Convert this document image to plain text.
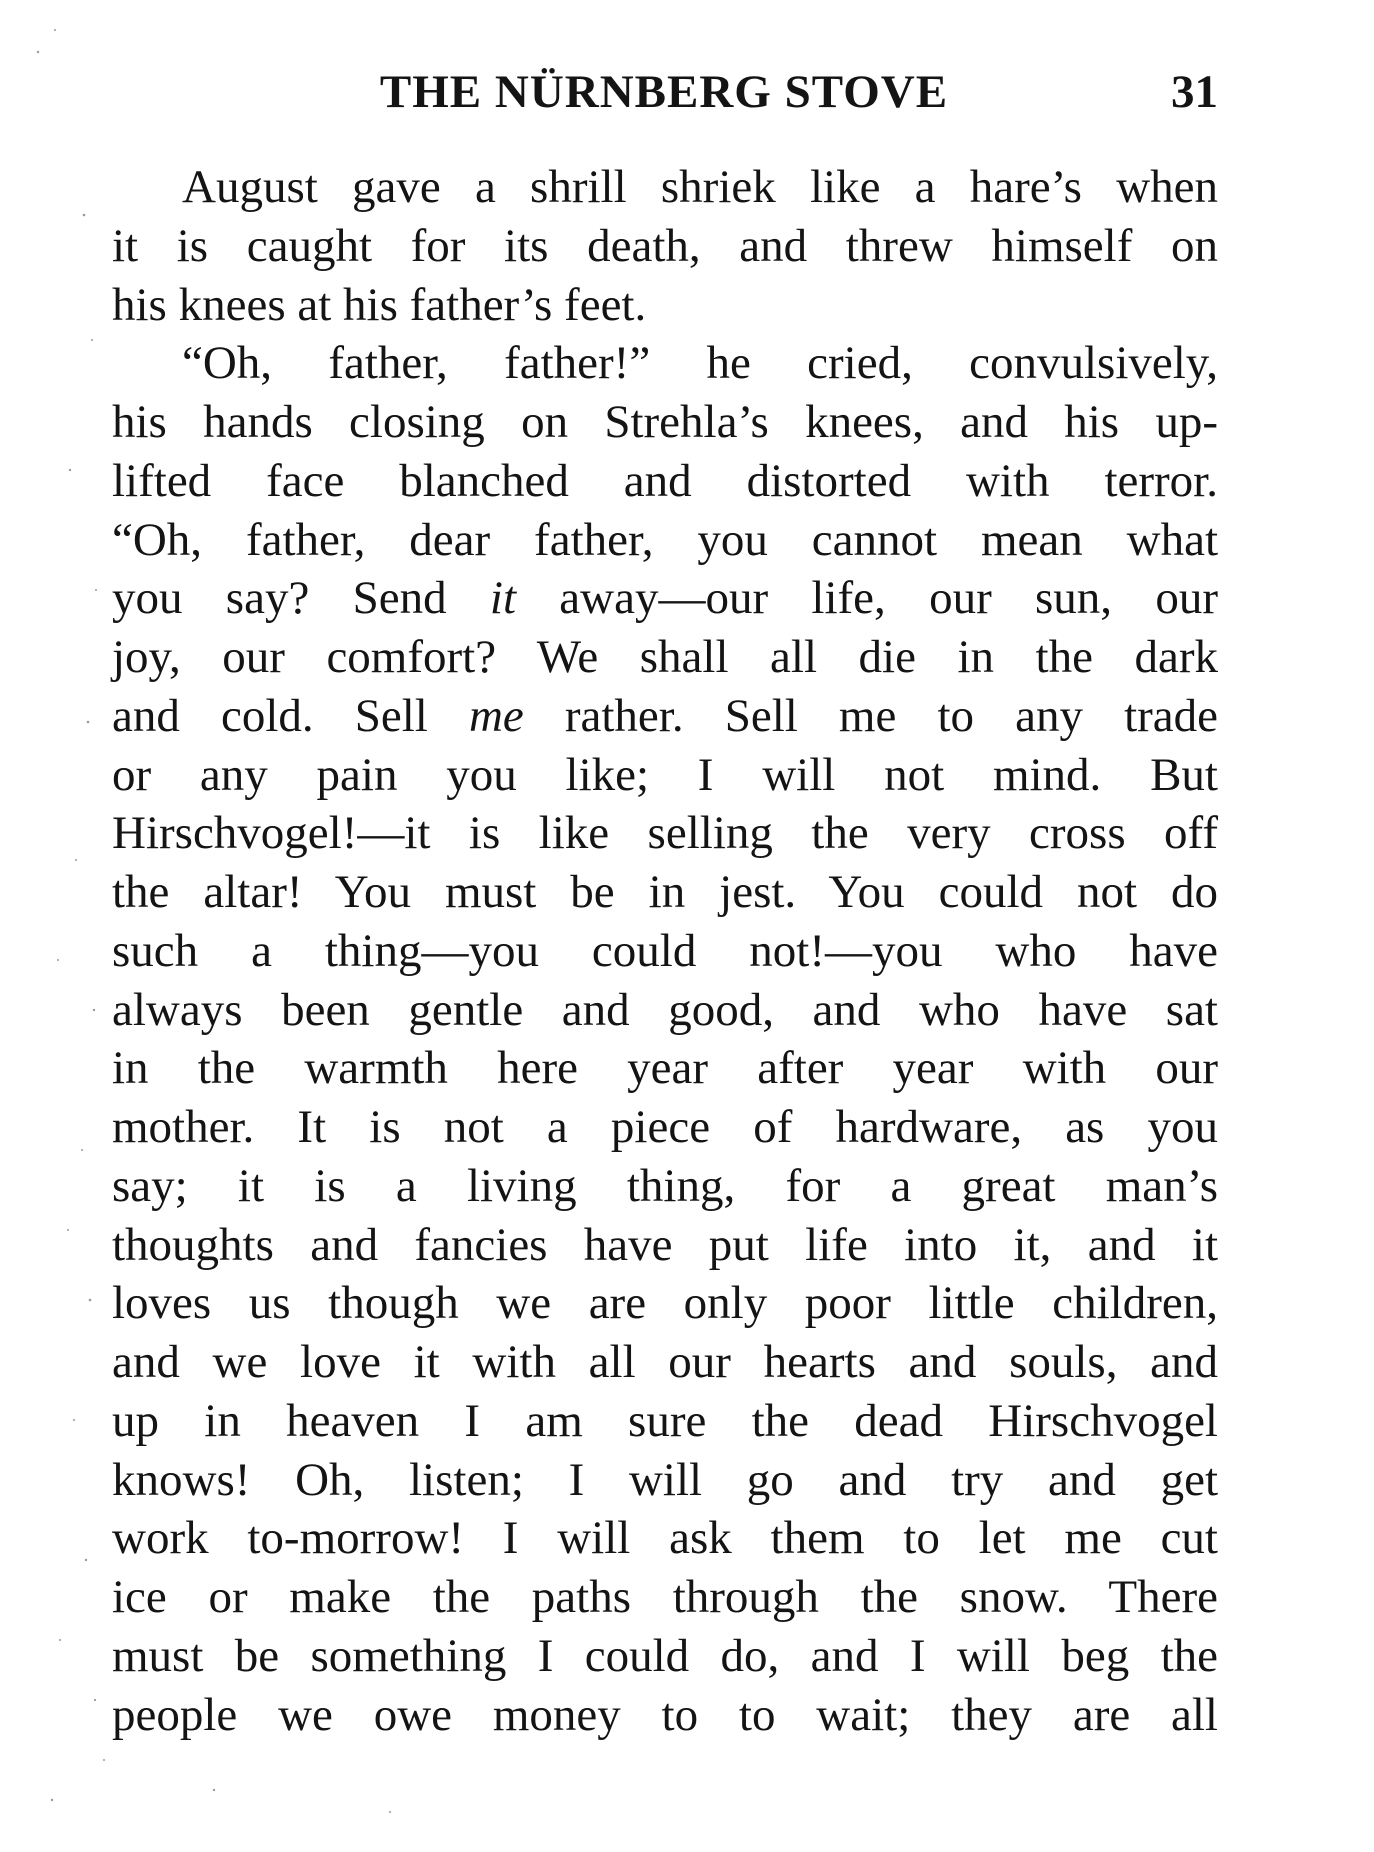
THE NÜRNBERG STOVE	31
August gave a shrill shriek like a hare’s when
it is caught for its death, and threw himself on
his knees at his father’s feet.
“Oh, father, father!” he cried, convulsively,
his hands closing on Strehla’s knees, and his up-
lifted face blanched and distorted with terror.
“Oh, father, dear father, you cannot mean what
you say? Send it away—our life, our sun, our
joy, our comfort? We shall all die in the dark
and cold. Sell me rather. Sell me to any trade
or any pain you like; I will not mind. But
Hirschvogel!—it is like selling the very cross off
the altar! You must be in jest. You could not do
such a thing—you could not!—you who have
always been gentle and good, and who have sat
in the warmth here year after year with our
mother. It is not a piece of hardware, as you
say; it is a living thing, for a great man’s
thoughts and fancies have put life into it, and it
loves us though we are only poor little children,
and we love it with all our hearts and souls, and
up in heaven I am sure the dead Hirschvogel
knows! Oh, listen; I will go and try and get
work to-morrow! I will ask them to let me cut
ice or make the paths through the snow. There
must be something I could do, and I will beg the
people we owe money to to wait; they are all
